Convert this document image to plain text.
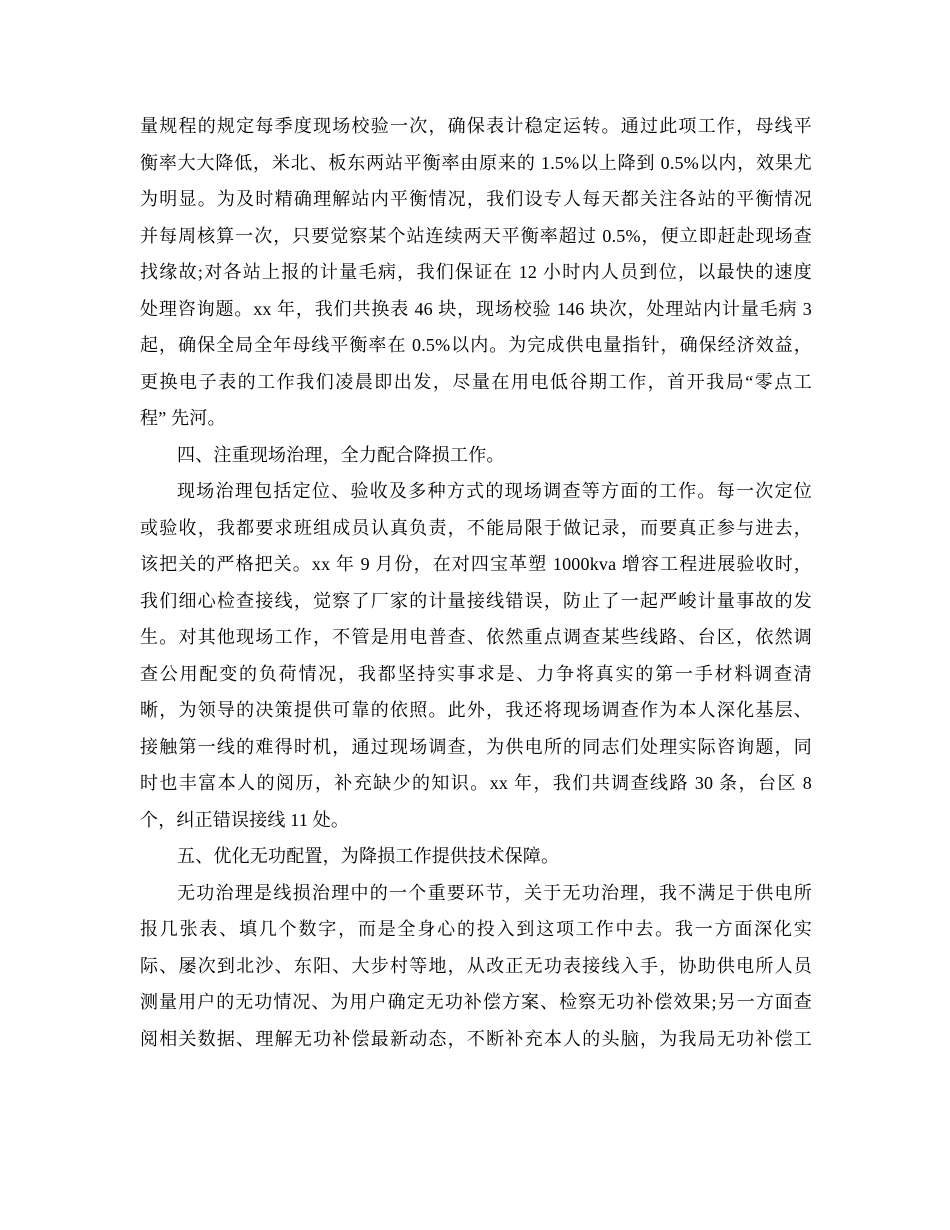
量规程的规定每季度现场校验一次，确保表计稳定运转。通过此项工作，母线平
衡率大大降低，米北、板东两站平衡率由原来的 1.5%以上降到 0.5%以内，效果尤
为明显。为及时精确理解站内平衡情况，我们设专人每天都关注各站的平衡情况
并每周核算一次，只要觉察某个站连续两天平衡率超过 0.5%，便立即赶赴现场查
找缘故;对各站上报的计量毛病，我们保证在 12 小时内人员到位，以最快的速度
处理咨询题。xx 年，我们共换表 46 块，现场校验 146 块次，处理站内计量毛病 3
起，确保全局全年母线平衡率在 0.5%以内。为完成供电量指针，确保经济效益，
更换电子表的工作我们凌晨即出发，尽量在用电低谷期工作，首开我局“零点工
程” 先河。
四、注重现场治理，全力配合降损工作。
现场治理包括定位、验收及多种方式的现场调查等方面的工作。每一次定位
或验收，我都要求班组成员认真负责，不能局限于做记录，而要真正参与进去，
该把关的严格把关。xx 年 9 月份，在对四宝革塑 1000kva 增容工程进展验收时，
我们细心检查接线，觉察了厂家的计量接线错误，防止了一起严峻计量事故的发
生。对其他现场工作，不管是用电普查、依然重点调查某些线路、台区，依然调
查公用配变的负荷情况，我都坚持实事求是、力争将真实的第一手材料调查清
晰，为领导的决策提供可靠的依照。此外，我还将现场调查作为本人深化基层、
接触第一线的难得时机，通过现场调查，为供电所的同志们处理实际咨询题，同
时也丰富本人的阅历，补充缺少的知识。xx 年，我们共调查线路 30 条，台区 8
个，纠正错误接线 11 处。
五、优化无功配置，为降损工作提供技术保障。
无功治理是线损治理中的一个重要环节，关于无功治理，我不满足于供电所
报几张表、填几个数字，而是全身心的投入到这项工作中去。我一方面深化实
际、屡次到北沙、东阳、大步村等地，从改正无功表接线入手，协助供电所人员
测量用户的无功情况、为用户确定无功补偿方案、检察无功补偿效果;另一方面查
阅相关数据、理解无功补偿最新动态，不断补充本人的头脑，为我局无功补偿工
